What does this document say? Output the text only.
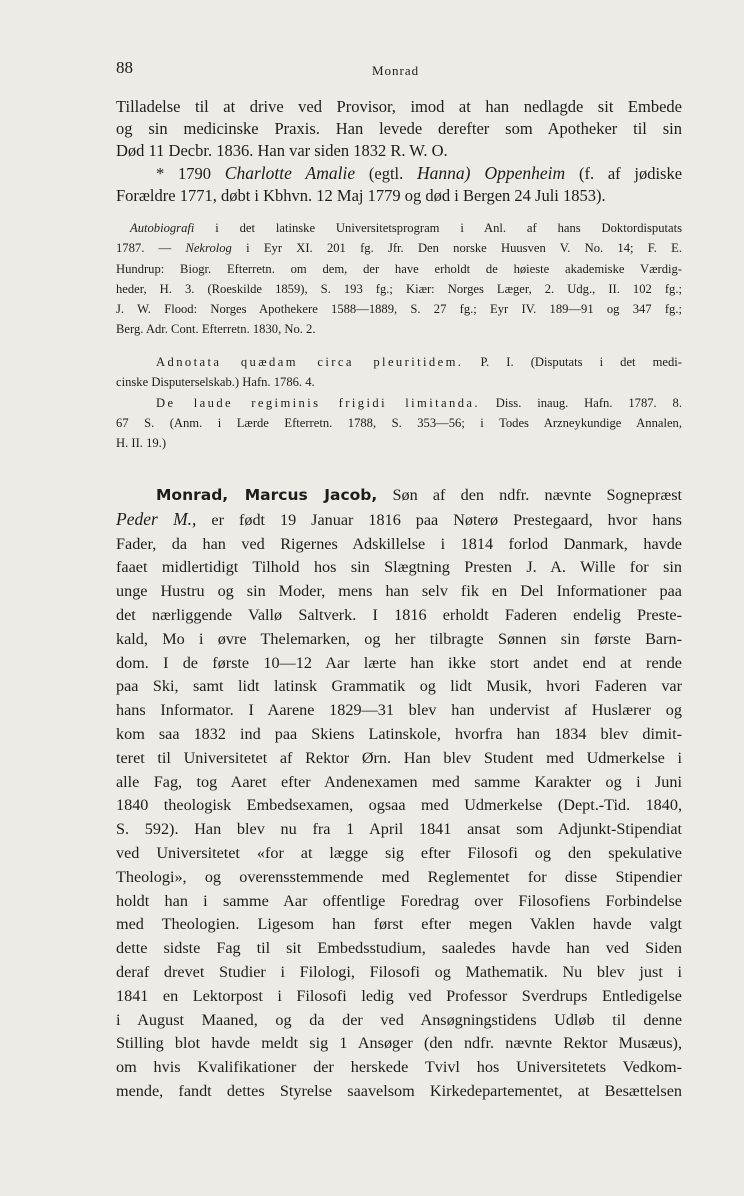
88	Monrad

Tilladelse til at drive ved Provisor, imod at han nedlagde sit Embede

og sin medicinske Praxis. Han levede derefter som Apotheker til sin

Død 11 Decbr. 1836. Han var siden 1832 R. W. O.

* 1790 Charlotte Amalie (egtl. Hanna) Oppenheim (f. af jødiske

Forældre 1771, døbt i Kbhvn. 12 Maj 1779 og død i Bergen 24 Juli 1853).

Autobiografi i det latinske Universitetsprogram i Anl. af hans Doktordisputats

1787. — Nekrolog i Eyr XI. 201 fg. Jfr. Den norske Huusven V. No. 14; F. E.

Hundrup: Biogr. Efterretn. om dem, der have erholdt de høieste akademiske Værdig-

heder, H. 3. (Roeskilde 1859), S. 193 fg.; Kiær: Norges Læger, 2. Udg., II. 102 fg.;

J. W. Flood: Norges Apothekere 1588—1889, S. 27 fg.; Eyr IV. 189—91 og 347 fg.;

Berg. Adr. Cont. Efterretn. 1830, No. 2.

Adnotata quædam circa pleuritidem. P. I. (Disputats i det medi-

cinske Disputerselskab.) Hafn. 1786. 4.

De laude regiminis frigidi limitanda. Diss. inaug. Hafn. 1787. 8.

67 S. (Anm. i Lærde Efterretn. 1788, S. 353—56; i Todes Arzneykundige Annalen,

H. II. 19.)

Monrad, Marcus Jacob, Søn af den ndfr. nævnte Sognepræst

Peder M., er født 19 Januar 1816 paa Nøterø Prestegaard, hvor hans

Fader, da han ved Rigernes Adskillelse i 1814 forlod Danmark, havde

faaet midlertidigt Tilhold hos sin Slægtning Presten J. A. Wille for sin

unge Hustru og sin Moder, mens han selv fik en Del Informationer paa

det nærliggende Vallø Saltverk. I 1816 erholdt Faderen endelig Preste-

kald, Mo i øvre Thelemarken, og her tilbragte Sønnen sin første Barn-

dom. I de første 10—12 Aar lærte han ikke stort andet end at rende

paa Ski, samt lidt latinsk Grammatik og lidt Musik, hvori Faderen var

hans Informator. I Aarene 1829—31 blev han undervist af Huslærer og

kom saa 1832 ind paa Skiens Latinskole, hvorfra han 1834 blev dimit-

teret til Universitetet af Rektor Ørn. Han blev Student med Udmerkelse i

alle Fag, tog Aaret efter Andenexamen med samme Karakter og i Juni

1840 theologisk Embedsexamen, ogsaa med Udmerkelse (Dept.-Tid. 1840,

S. 592). Han blev nu fra 1 April 1841 ansat som Adjunkt-Stipendiat

ved Universitetet «for at lægge sig efter Filosofi og den spekulative

Theologi», og overensstemmende med Reglementet for disse Stipendier

holdt han i samme Aar offentlige Foredrag over Filosofiens Forbindelse

med Theologien. Ligesom han først efter megen Vaklen havde valgt

dette sidste Fag til sit Embedsstudium, saaledes havde han ved Siden

deraf drevet Studier i Filologi, Filosofi og Mathematik. Nu blev just i

1841 en Lektorpost i Filosofi ledig ved Professor Sverdrups Entledigelse

i August Maaned, og da der ved Ansøgningstidens Udløb til denne

Stilling blot havde meldt sig 1 Ansøger (den ndfr. nævnte Rektor Musæus),

om hvis Kvalifikationer der herskede Tvivl hos Universitetets Vedkom-

mende, fandt dettes Styrelse saavelsom Kirkedepartementet, at Besættelsen
